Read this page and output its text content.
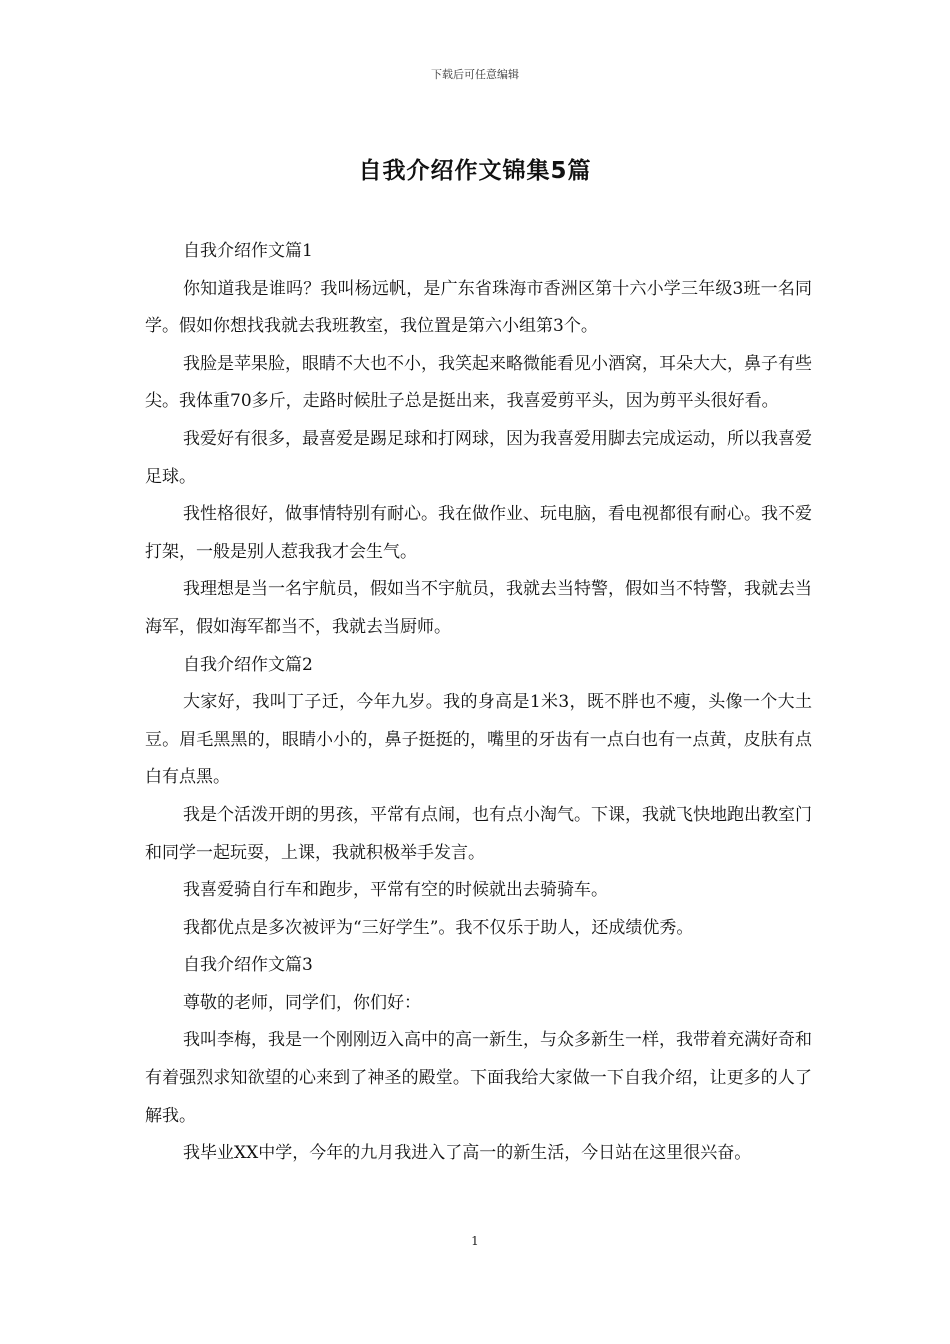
下载后可任意编辑
自我介绍作文锦集5篇

自我介绍作文篇1

你知道我是谁吗？我叫杨远帆，是广东省珠海市香洲区第十六小学三年级3班一名同学。假如你想找我就去我班教室，我位置是第六小组第3个。

我脸是苹果脸，眼睛不大也不小，我笑起来略微能看见小酒窝，耳朵大大，鼻子有些尖。我体重70多斤，走路时候肚子总是挺出来，我喜爱剪平头，因为剪平头很好看。

我爱好有很多，最喜爱是踢足球和打网球，因为我喜爱用脚去完成运动，所以我喜爱足球。

我性格很好，做事情特别有耐心。我在做作业、玩电脑，看电视都很有耐心。我不爱打架，一般是别人惹我我才会生气。

我理想是当一名宇航员，假如当不宇航员，我就去当特警，假如当不特警，我就去当海军，假如海军都当不，我就去当厨师。

自我介绍作文篇2

大家好，我叫丁子迁，今年九岁。我的身高是1米3，既不胖也不瘦，头像一个大土豆。眉毛黑黑的，眼睛小小的，鼻子挺挺的，嘴里的牙齿有一点白也有一点黄，皮肤有点白有点黑。

我是个活泼开朗的男孩，平常有点闹，也有点小淘气。下课，我就飞快地跑出教室门和同学一起玩耍，上课，我就积极举手发言。

我喜爱骑自行车和跑步，平常有空的时候就出去骑骑车。

我都优点是多次被评为“三好学生”。我不仅乐于助人，还成绩优秀。

自我介绍作文篇3

尊敬的老师，同学们，你们好：

我叫李梅，我是一个刚刚迈入高中的高一新生，与众多新生一样，我带着充满好奇和有着强烈求知欲望的心来到了神圣的殿堂。下面我给大家做一下自我介绍，让更多的人了解我。

我毕业XX中学，今年的九月我进入了高一的新生活，今日站在这里很兴奋。

1
